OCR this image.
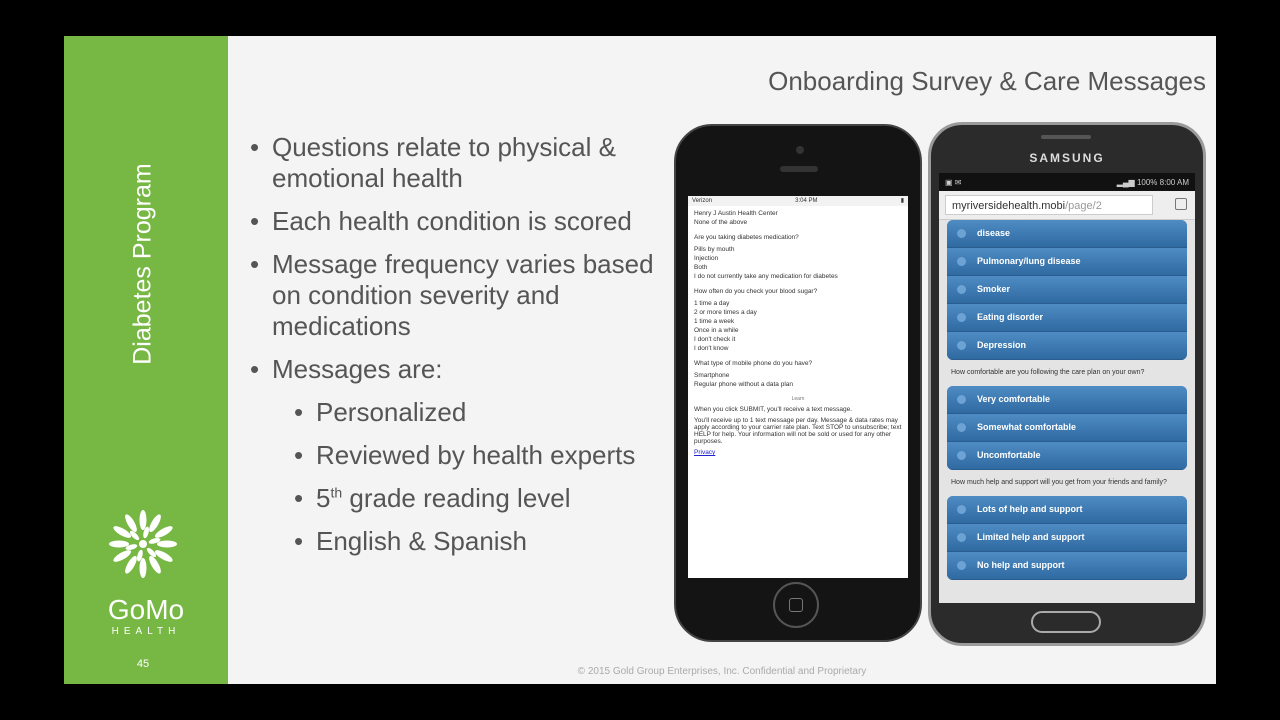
Diabetes Program
GoMo
HEALTH
45
Onboarding Survey & Care Messages
• Questions relate to physical & emotional health
• Each health condition is scored
• Message frequency varies based on condition severity and medications
• Messages are:
• Personalized
• Reviewed by health experts
• 5th grade reading level
• English & Spanish
Verizon	3:04 PM	▮
Henry J Austin Health Center
None of the above
Are you taking diabetes medication?
Pills by mouth
Injection
Both
I do not currently take any medication for diabetes
How often do you check your blood sugar?
1 time a day
2 or more times a day
1 time a week
Once in a while
I don't check it
I don't know
What type of mobile phone do you have?
Smartphone
Regular phone without a data plan
Learn
When you click SUBMIT, you'll receive a text message.
You'll receive up to 1 text message per day. Message & data rates may apply according to your carrier rate plan. Text STOP to unsubscribe; text HELP for help. Your information will not be sold or used for any other purposes.
Privacy
SAMSUNG
▣ ✉	▂▄▆ 100% 8:00 AM
myriversidehealth.mobi/page/2
disease
Pulmonary/lung disease
Smoker
Eating disorder
Depression
How comfortable are you following the care plan on your own?
Very comfortable
Somewhat comfortable
Uncomfortable
How much help and support will you get from your friends and family?
Lots of help and support
Limited help and support
No help and support
© 2015 Gold Group Enterprises, Inc. Confidential and Proprietary
